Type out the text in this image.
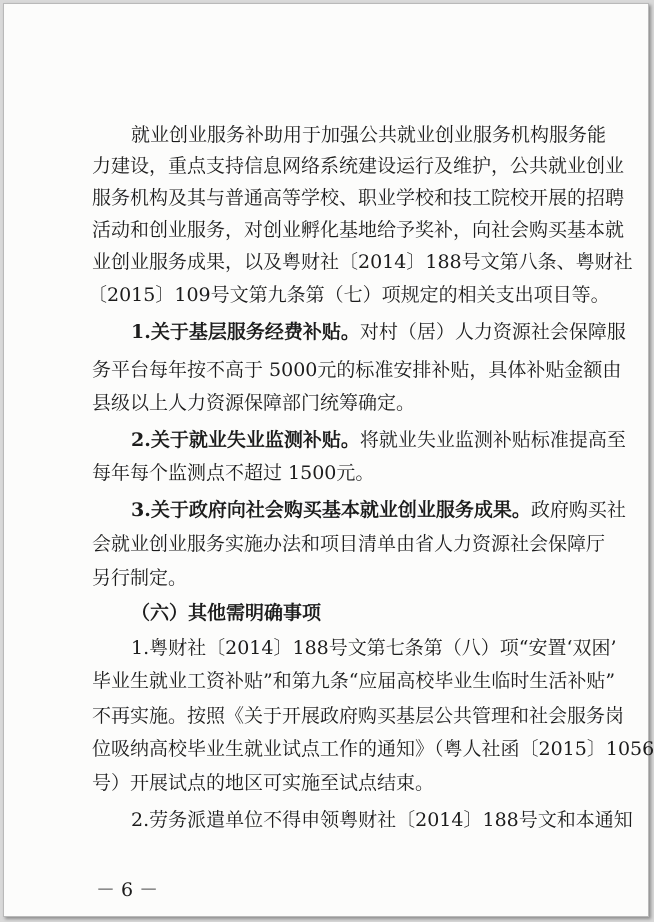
就业创业服务补助用于加强公共就业创业服务机构服务能
力建设，重点支持信息网络系统建设运行及维护，公共就业创业
服务机构及其与普通高等学校、职业学校和技工院校开展的招聘
活动和创业服务，对创业孵化基地给予奖补，向社会购买基本就
业创业服务成果，以及粤财社〔2014〕188号文第八条、粤财社
〔2015〕109号文第九条第（七）项规定的相关支出项目等。
1.关于基层服务经费补贴。对村（居）人力资源社会保障服
务平台每年按不高于 5000元的标准安排补贴，具体补贴金额由
县级以上人力资源保障部门统筹确定。
2.关于就业失业监测补贴。将就业失业监测补贴标准提高至
每年每个监测点不超过 1500元。
3.关于政府向社会购买基本就业创业服务成果。政府购买社
会就业创业服务实施办法和项目清单由省人力资源社会保障厅
另行制定。
（六）其他需明确事项
1.粤财社〔2014〕188号文第七条第（八）项“安置‘双困’
毕业生就业工资补贴”和第九条“应届高校毕业生临时生活补贴”
不再实施。按照《关于开展政府购买基层公共管理和社会服务岗
位吸纳高校毕业生就业试点工作的通知》（粤人社函〔2015〕1056
号）开展试点的地区可实施至试点结束。
2.劳务派遣单位不得申领粤财社〔2014〕188号文和本通知
－ 6 －
